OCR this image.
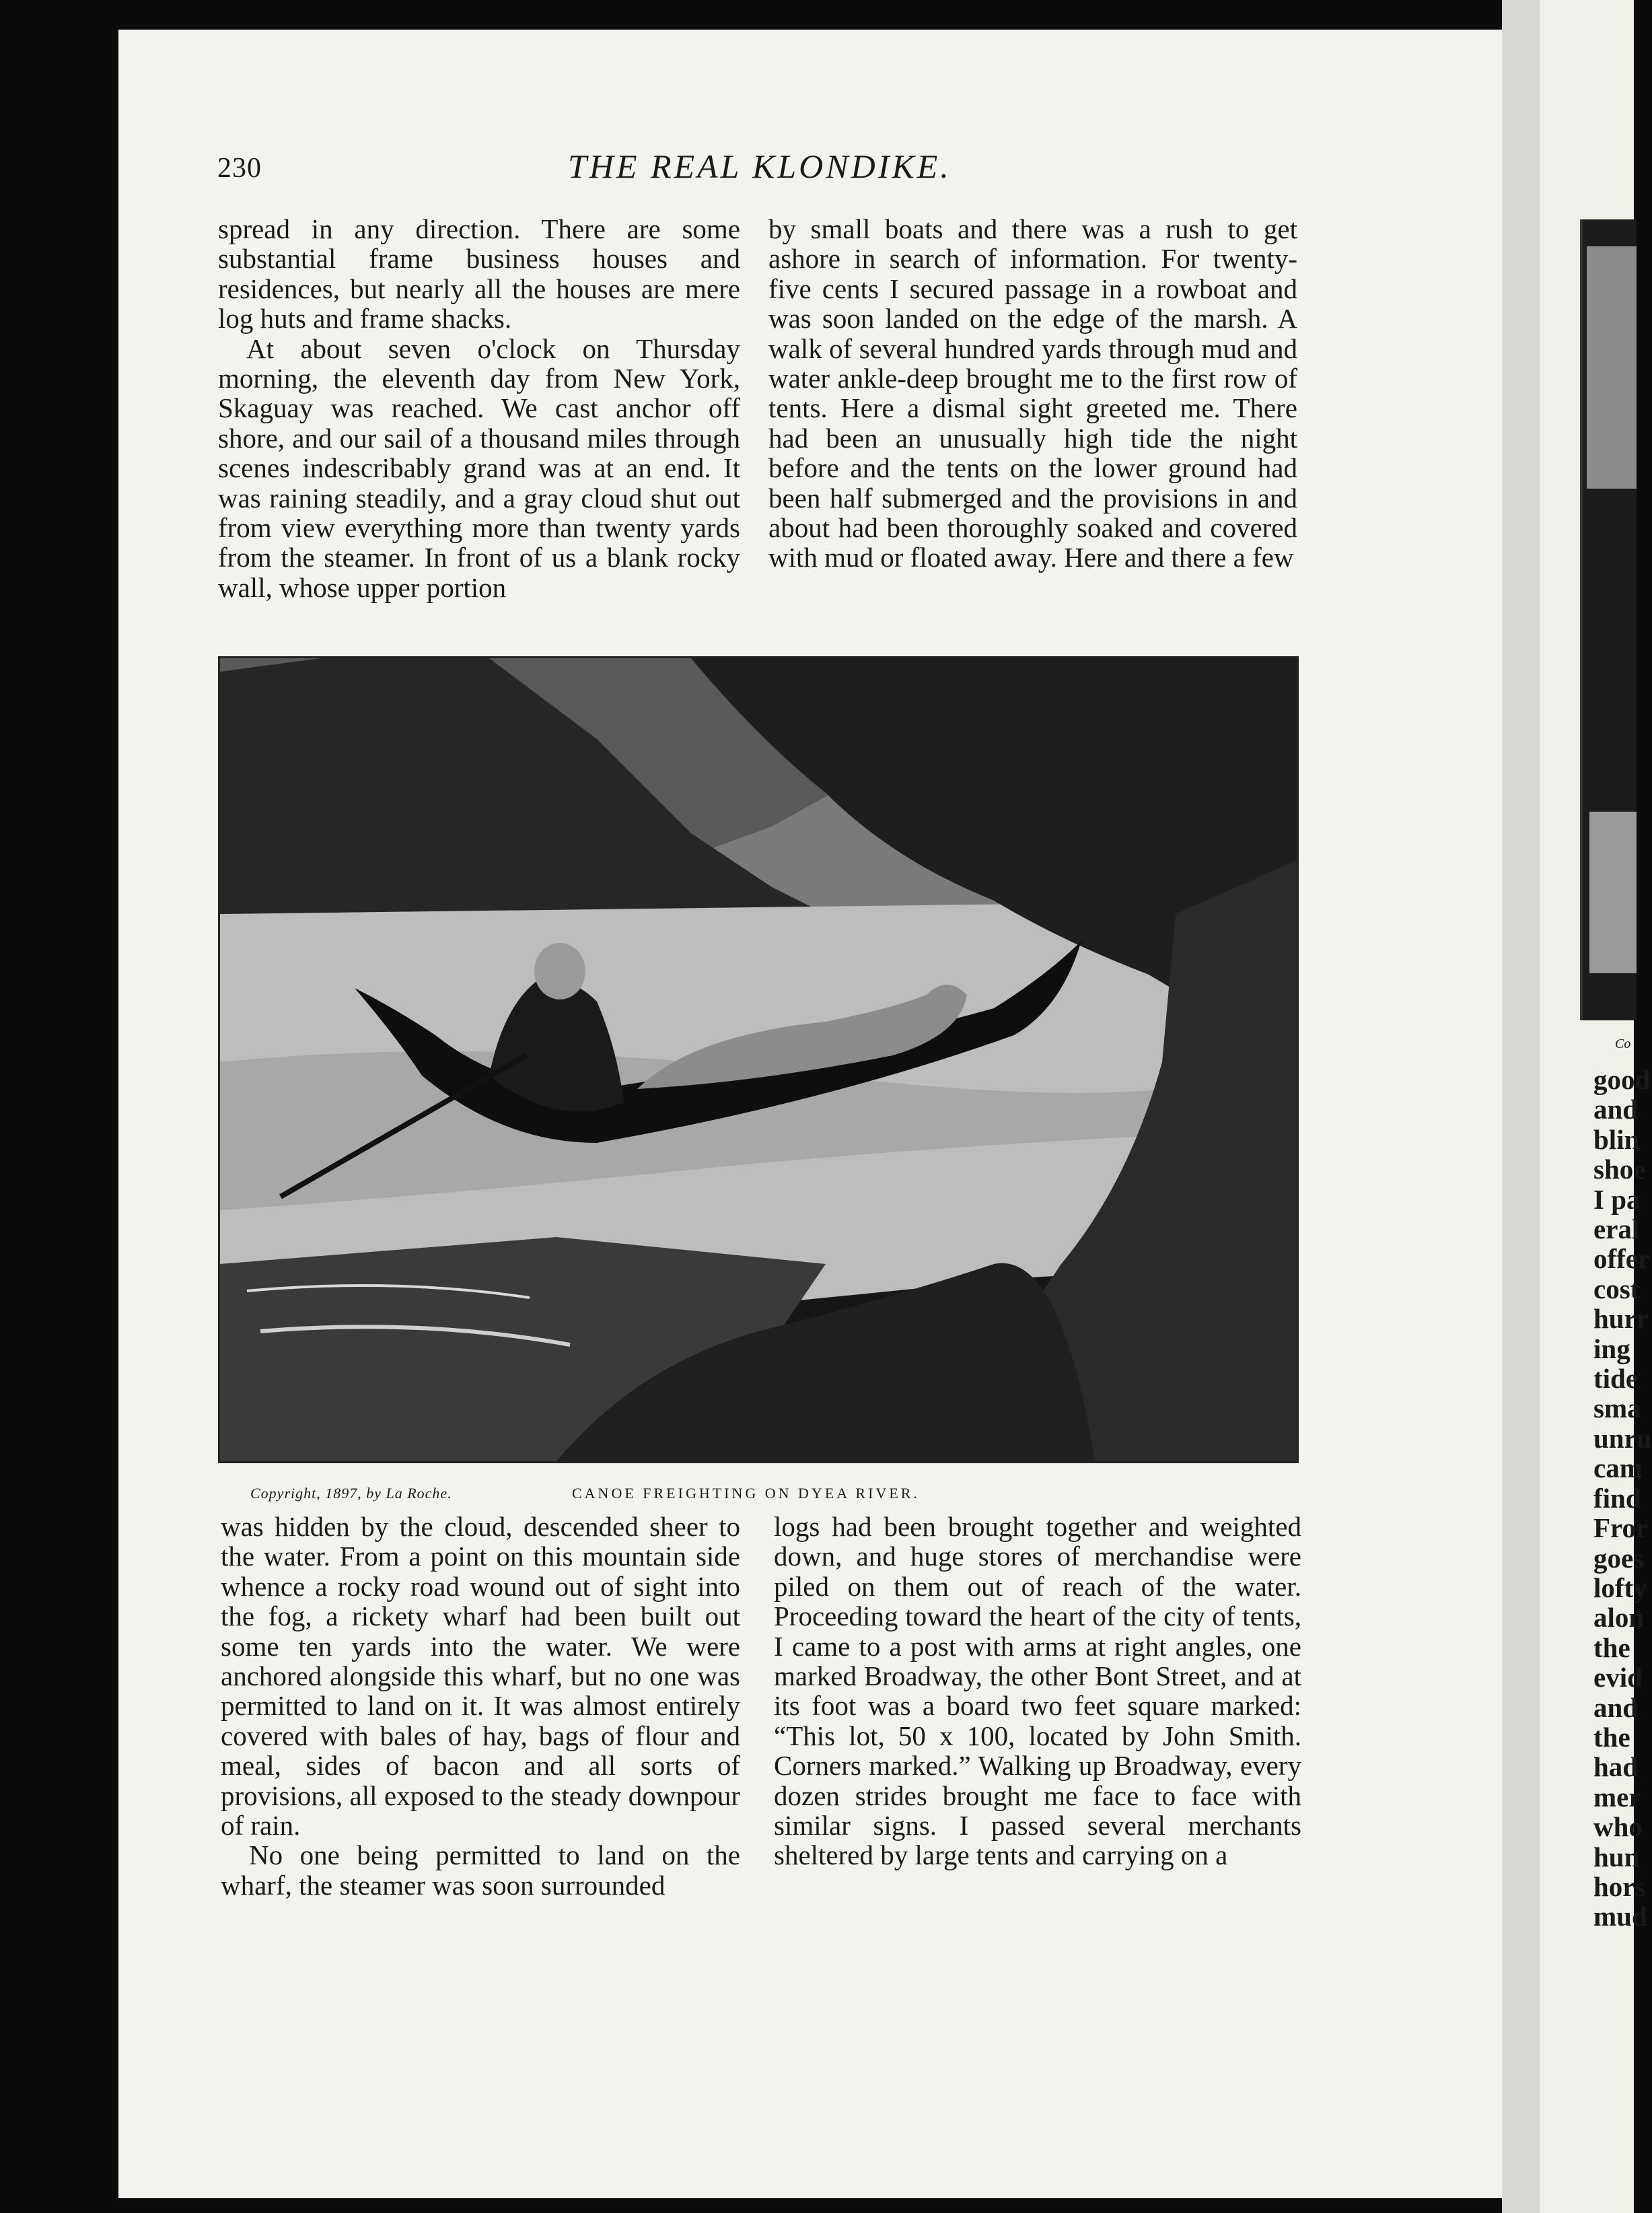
Co
good
and
blin
shoe
I pa
eral
offer
cost
hurr
ing
tide
sma
unru
cam
find
Fror
goes
lofty
alon
the
evid
and
the
had
mer
who
hun
hors
mud
230	THE REAL KLONDIKE.

spread in any direction. There are some substantial frame business houses and residences, but nearly all the houses are mere log huts and frame shacks.

At about seven o'clock on Thursday morning, the eleventh day from New York, Skaguay was reached. We cast anchor off shore, and our sail of a thousand miles through scenes indescribably grand was at an end. It was raining steadily, and a gray cloud shut out from view everything more than twenty yards from the steamer. In front of us a blank rocky wall, whose upper portion

by small boats and there was a rush to get ashore in search of information. For twenty-five cents I secured passage in a rowboat and was soon landed on the edge of the marsh. A walk of several hundred yards through mud and water ankle-deep brought me to the first row of tents. Here a dismal sight greeted me. There had been an unusually high tide the night before and the tents on the lower ground had been half submerged and the provisions in and about had been thoroughly soaked and covered with mud or floated away. Here and there a few

Copyright, 1897, by La Roche.	CANOE FREIGHTING ON DYEA RIVER.

was hidden by the cloud, descended sheer to the water. From a point on this mountain side whence a rocky road wound out of sight into the fog, a rickety wharf had been built out some ten yards into the water. We were anchored alongside this wharf, but no one was permitted to land on it. It was almost entirely covered with bales of hay, bags of flour and meal, sides of bacon and all sorts of provisions, all exposed to the steady downpour of rain.

No one being permitted to land on the wharf, the steamer was soon surrounded

logs had been brought together and weighted down, and huge stores of merchandise were piled on them out of reach of the water. Proceeding toward the heart of the city of tents, I came to a post with arms at right angles, one marked Broadway, the other Bont Street, and at its foot was a board two feet square marked: “This lot, 50 x 100, located by John Smith. Corners marked.” Walking up Broadway, every dozen strides brought me face to face with similar signs. I passed several merchants sheltered by large tents and carrying on a
